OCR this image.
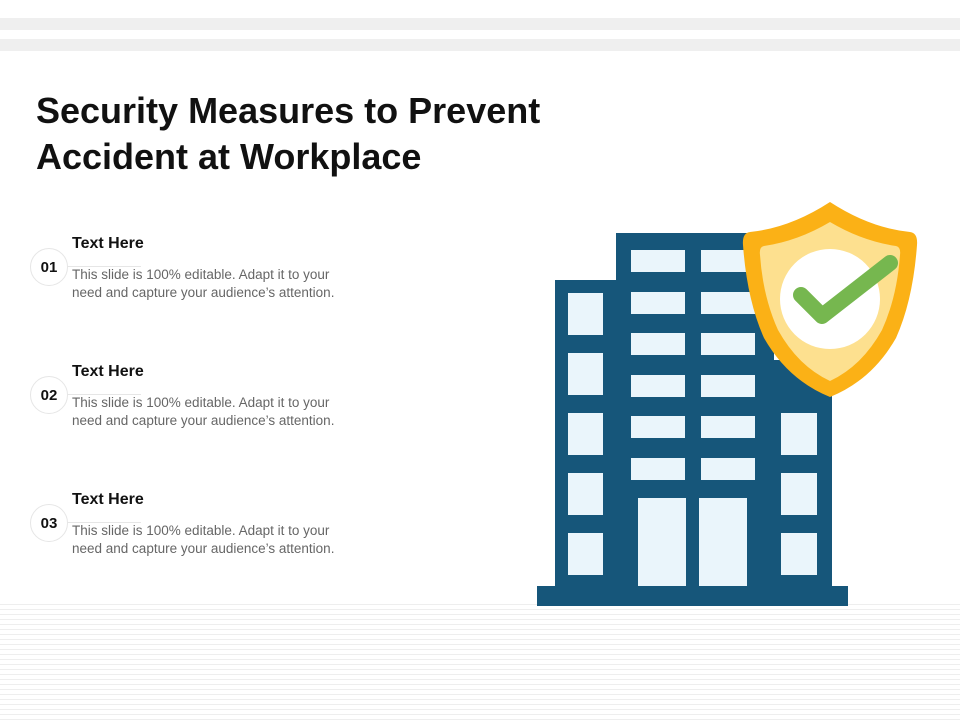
Security Measures to Prevent
Accident at Workplace
01
Text Here
This slide is 100% editable. Adapt it to your
need and capture your audience’s attention.
02
Text Here
This slide is 100% editable. Adapt it to your
need and capture your audience’s attention.
03
Text Here
This slide is 100% editable. Adapt it to your
need and capture your audience’s attention.
